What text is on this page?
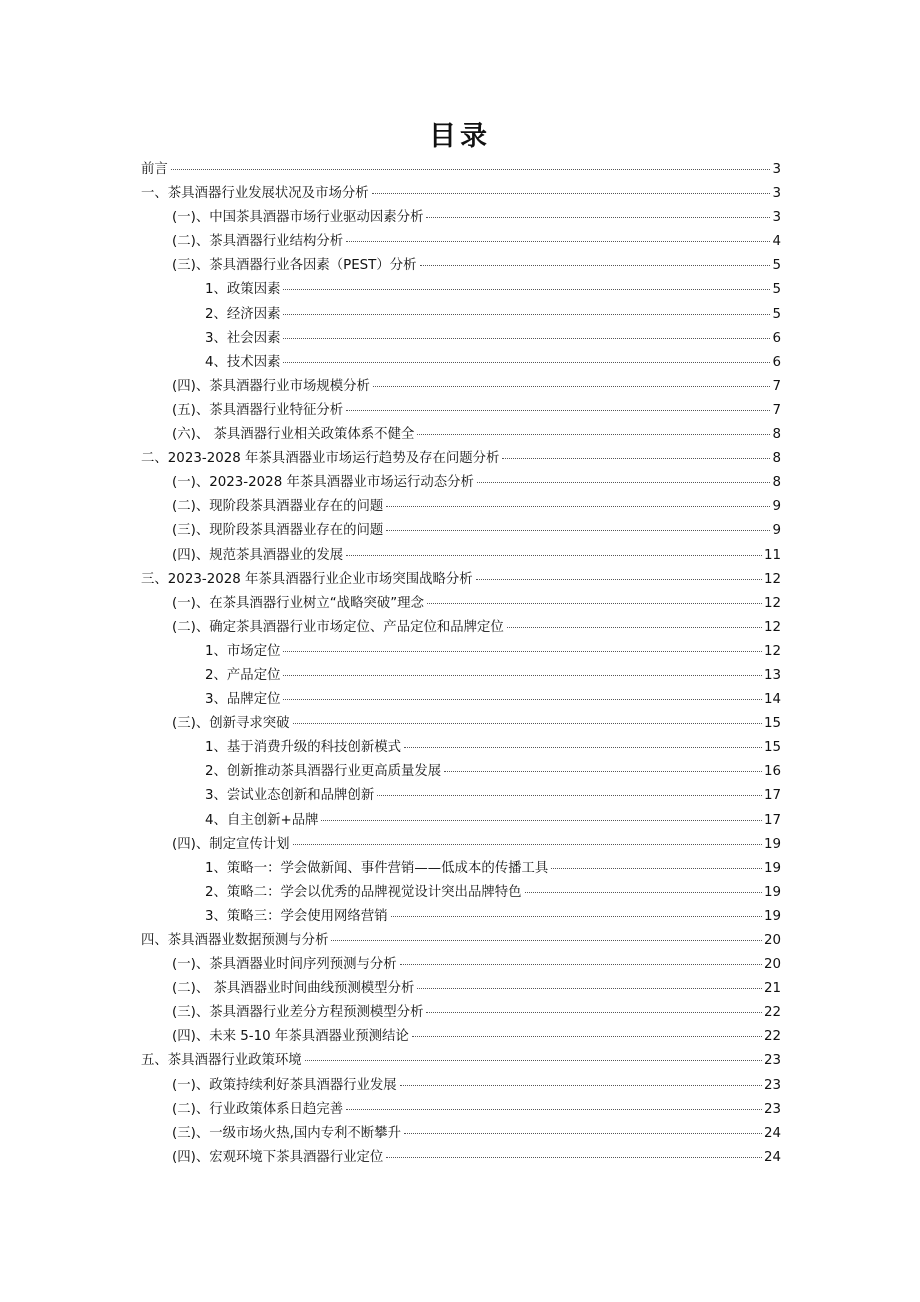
目录
前言	3
一、茶具酒器行业发展状况及市场分析	3
(一)、中国茶具酒器市场行业驱动因素分析	3
(二)、茶具酒器行业结构分析	4
(三)、茶具酒器行业各因素（PEST）分析	5
1、政策因素	5
2、经济因素	5
3、社会因素	6
4、技术因素	6
(四)、茶具酒器行业市场规模分析	7
(五)、茶具酒器行业特征分析	7
(六)、 茶具酒器行业相关政策体系不健全	8
二、2023-2028 年茶具酒器业市场运行趋势及存在问题分析	8
(一)、2023-2028 年茶具酒器业市场运行动态分析	8
(二)、现阶段茶具酒器业存在的问题	9
(三)、现阶段茶具酒器业存在的问题	9
(四)、规范茶具酒器业的发展	11
三、2023-2028 年茶具酒器行业企业市场突围战略分析	12
(一)、在茶具酒器行业树立“战略突破”理念	12
(二)、确定茶具酒器行业市场定位、产品定位和品牌定位	12
1、市场定位	12
2、产品定位	13
3、品牌定位	14
(三)、创新寻求突破	15
1、基于消费升级的科技创新模式	15
2、创新推动茶具酒器行业更高质量发展	16
3、尝试业态创新和品牌创新	17
4、自主创新+品牌	17
(四)、制定宣传计划	19
1、策略一：学会做新闻、事件营销——低成本的传播工具	19
2、策略二：学会以优秀的品牌视觉设计突出品牌特色	19
3、策略三：学会使用网络营销	19
四、茶具酒器业数据预测与分析	20
(一)、茶具酒器业时间序列预测与分析	20
(二)、 茶具酒器业时间曲线预测模型分析	21
(三)、茶具酒器行业差分方程预测模型分析	22
(四)、未来 5-10 年茶具酒器业预测结论	22
五、茶具酒器行业政策环境	23
(一)、政策持续利好茶具酒器行业发展	23
(二)、行业政策体系日趋完善	23
(三)、一级市场火热,国内专利不断攀升	24
(四)、宏观环境下茶具酒器行业定位	24
